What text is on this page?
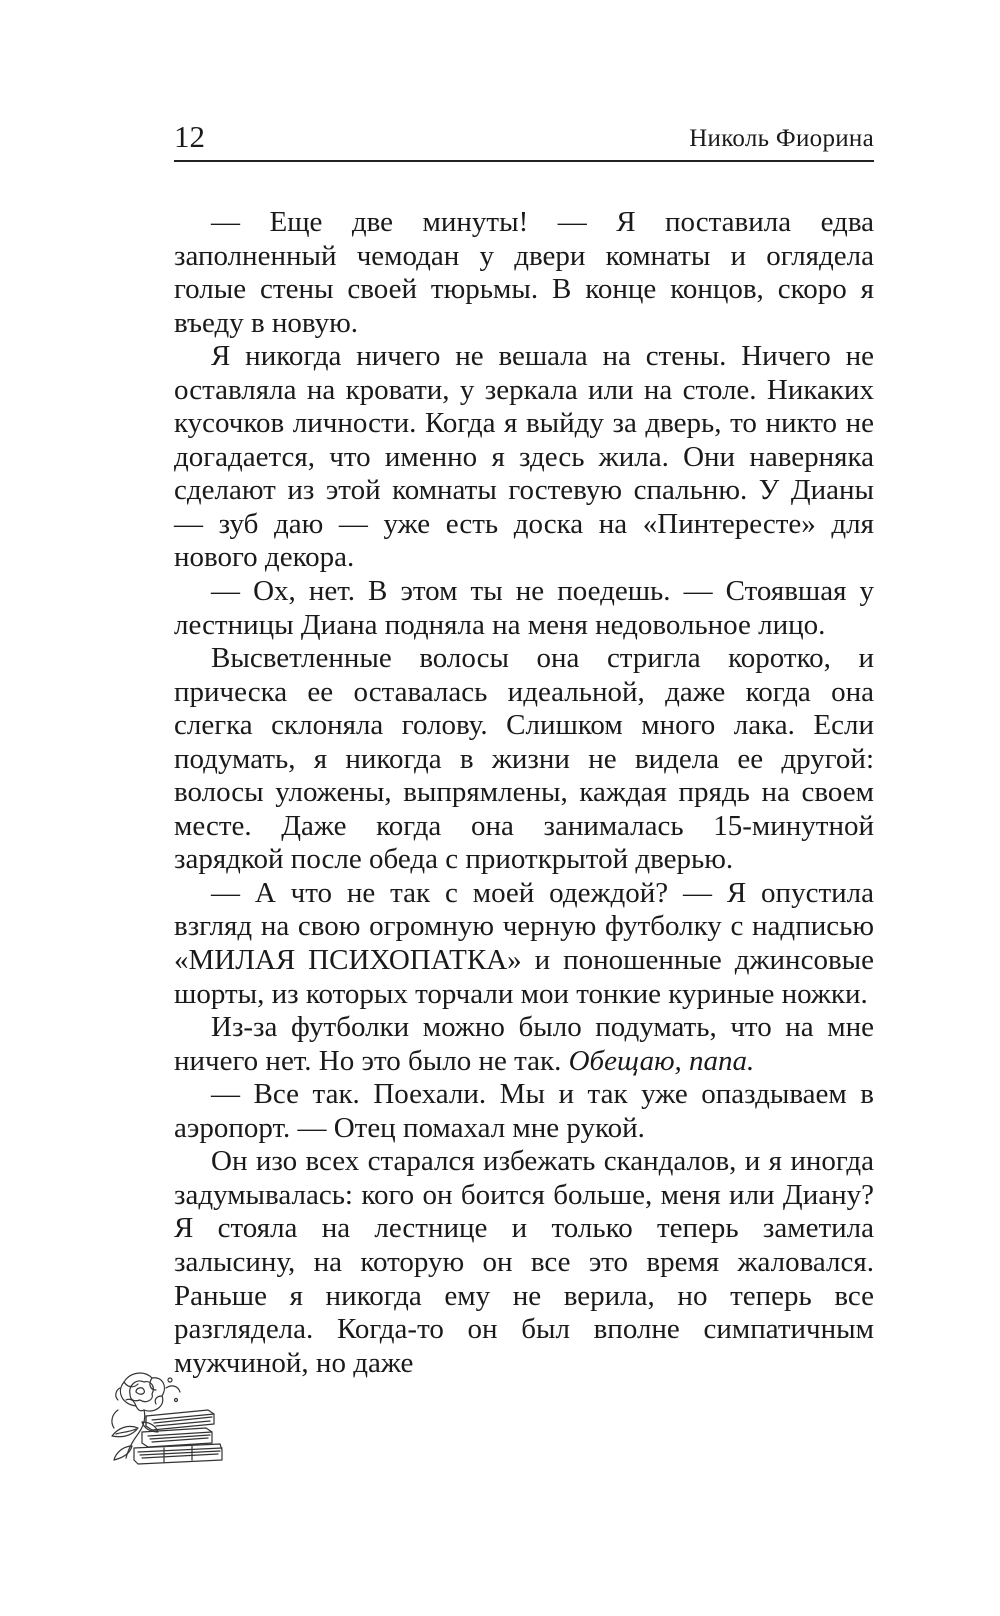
12	Николь Фиорина

— Еще две минуты! — Я поставила едва заполненный чемодан у двери комнаты и оглядела голые стены своей тюрьмы. В конце концов, скоро я въеду в новую.

Я никогда ничего не вешала на стены. Ничего не оставляла на кровати, у зеркала или на столе. Никаких кусочков личности. Когда я выйду за дверь, то никто не догадается, что именно я здесь жила. Они наверняка сделают из этой комнаты гостевую спальню. У Дианы — зуб даю — уже есть доска на «Пинтересте» для нового декора.

— Ох, нет. В этом ты не поедешь. — Стоявшая у лестницы Диана подняла на меня недовольное лицо.

Высветленные волосы она стригла коротко, и прическа ее оставалась идеальной, даже когда она слегка склоняла голову. Слишком много лака. Если подумать, я никогда в жизни не видела ее другой: волосы уложены, выпрямлены, каждая прядь на своем месте. Даже когда она занималась 15-минутной зарядкой после обеда с приоткрытой дверью.

— А что не так с моей одеждой? — Я опустила взгляд на свою огромную черную футболку с надписью «МИЛАЯ ПСИХОПАТКА» и поношенные джинсовые шорты, из которых торчали мои тонкие куриные ножки.

Из-за футболки можно было подумать, что на мне ничего нет. Но это было не так. Обещаю, папа.

— Все так. Поехали. Мы и так уже опаздываем в аэропорт. — Отец помахал мне рукой.

Он изо всех старался избежать скандалов, и я иногда задумывалась: кого он боится больше, меня или Диану? Я стояла на лестнице и только теперь заметила залысину, на которую он все это время жаловался. Раньше я никогда ему не верила, но теперь все разглядела. Когда-то он был вполне симпатичным мужчиной, но даже
